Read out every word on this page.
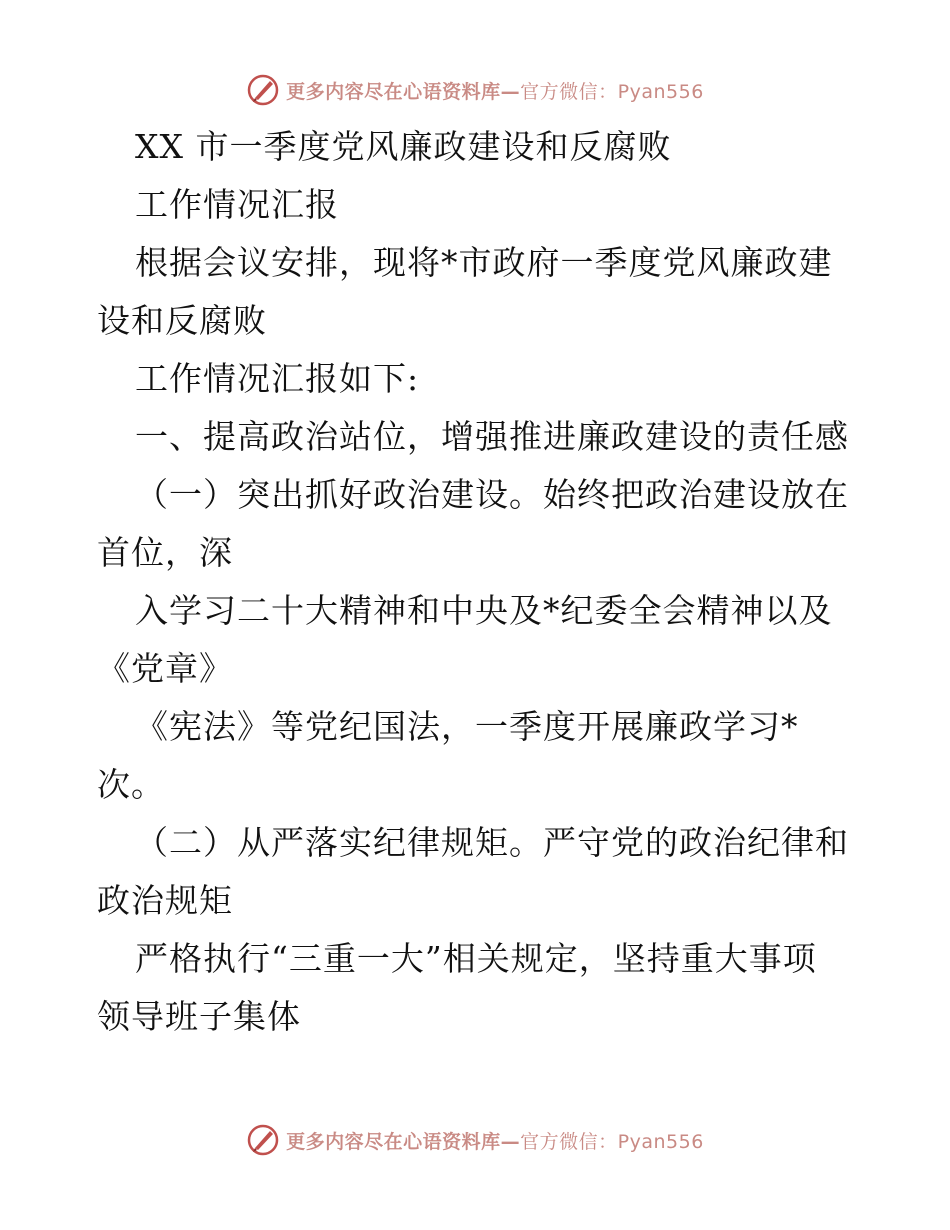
更多内容尽在心语资料库—官方微信：Pyan556
XX 市一季度党风廉政建设和反腐败
工作情况汇报
根据会议安排，现将*市政府一季度党风廉政建
设和反腐败
工作情况汇报如下:
一、提高政治站位，增强推进廉政建设的责任感
（一）突出抓好政治建设。始终把政治建设放在
首位，深
入学习二十大精神和中央及*纪委全会精神以及
《党章》
《宪法》等党纪国法，一季度开展廉政学习*
次。
（二）从严落实纪律规矩。严守党的政治纪律和
政治规矩
严格执行“三重一大”相关规定，坚持重大事项
领导班子集体
更多内容尽在心语资料库—官方微信：Pyan556
